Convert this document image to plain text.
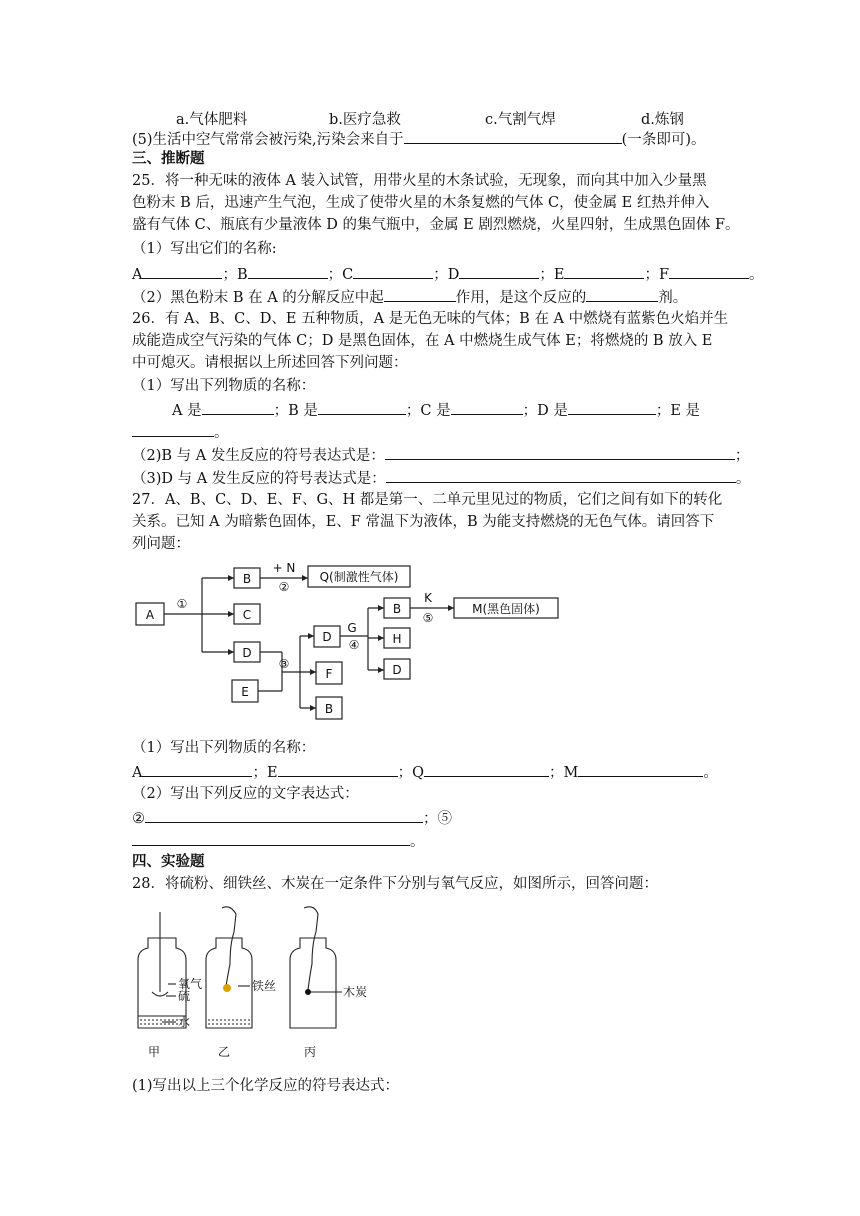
a.气体肥料	b.医疗急救	c.气割气焊	d.炼钢
(5)生活中空气常常会被污染,污染会来自于	(一条即可)。
三、推断题
25．将一种无味的液体 A 装入试管，用带火星的木条试验，无现象，而向其中加入少量黑
色粉末 B 后，迅速产生气泡，生成了使带火星的木条复燃的气体 C，使金属 E 红热并伸入
盛有气体 C、瓶底有少量液体 D 的集气瓶中，金属 E 剧烈燃烧，火星四射，生成黑色固体 F。
（1）写出它们的名称:
A	；B	；C	；D	；E	；F	。
（2）黑色粉末 B 在 A 的分解反应中起	作用，是这个反应的	剂。
26．有 A、B、C、D、E 五种物质，A 是无色无味的气体；B 在 A 中燃烧有蓝紫色火焰并生
成能造成空气污染的气体 C；D 是黑色固体，在 A 中燃烧生成气体 E；将燃烧的 B 放入 E
中可熄灭。请根据以上所述回答下列问题：
（1）写出下列物质的名称：
A 是	；B 是	；C 是	；D 是	；E 是
。
（2)B 与 A 发生反应的符号表达式是：	；
（3)D 与 A 发生反应的符号表达式是：	。
27．A、B、C、D、E、F、G、H 都是第一、二单元里见过的物质，它们之间有如下的转化
关系。已知 A 为暗紫色固体，E、F 常温下为液体，B 为能支持燃烧的无色气体。请回答下
列问题：
A
①
B
+ N
②
Q(制激性气体)
C
D
E
③
D
F
B
G
④
B
K
⑤
M(黑色固体)
H
D
（1）写出下列物质的名称：
A	；E	；Q	；M	。
（2）写出下列反应的文字表达式：
②	；⑤
。
四、实验题
28．将硫粉、细铁丝、木炭在一定条件下分别与氧气反应，如图所示，回答问题：
氧气
硫
水
铁丝	木炭
甲	乙	丙
(1)写出以上三个化学反应的符号表达式：
